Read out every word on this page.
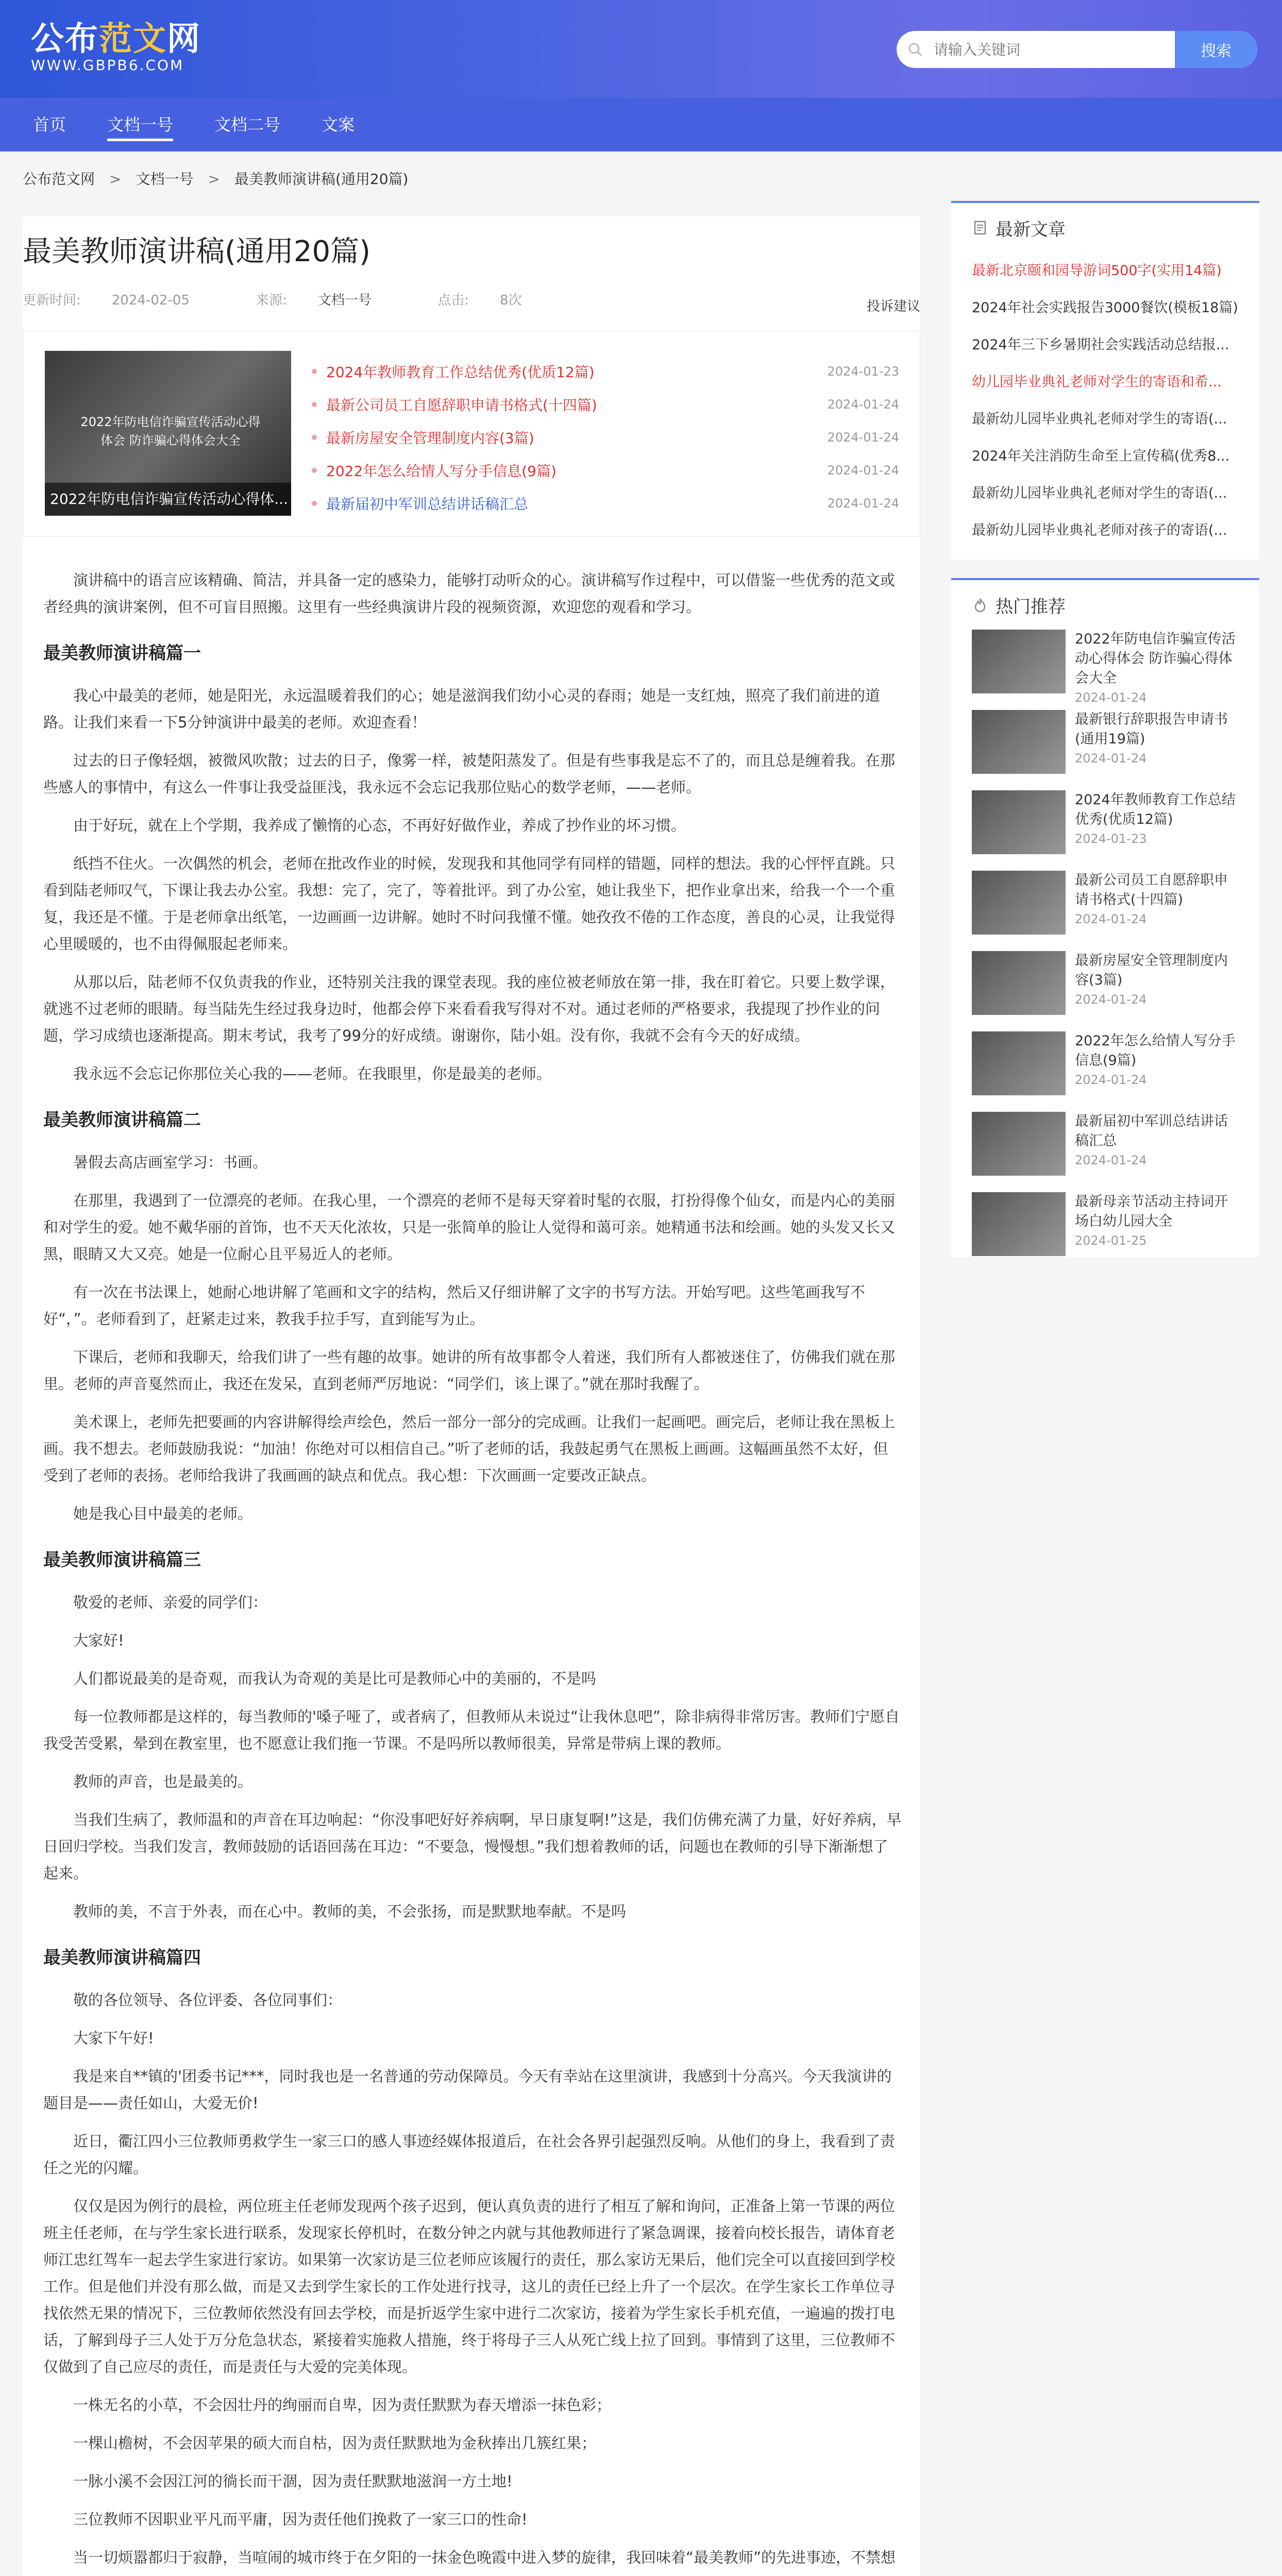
公布范文网
WWW.GBPB6.COM
请输入关键词
搜索
首页	文档一号	文档二号	文案
公布范文网 > 文档一号 > 最美教师演讲稿(通用20篇)
最美教师演讲稿(通用20篇)
更新时间: 2024-02-05	来源: 文档一号	点击: 8次	投诉建议
2022年防电信诈骗宣传活动心得体会 防诈骗心得体会大全
2022年防电信诈骗宣传活动心得体...
2024年教师教育工作总结优秀(优质12篇)	2024-01-23
最新公司员工自愿辞职申请书格式(十四篇)	2024-01-24
最新房屋安全管理制度内容(3篇)	2024-01-24
2022年怎么给情人写分手信息(9篇)	2024-01-24
最新届初中军训总结讲话稿汇总	2024-01-24

演讲稿中的语言应该精确、简洁，并具备一定的感染力，能够打动听众的心。演讲稿写作过程中，可以借鉴一些优秀的范文或者经典的演讲案例，但不可盲目照搬。这里有一些经典演讲片段的视频资源，欢迎您的观看和学习。

最美教师演讲稿篇一

我心中最美的老师，她是阳光，永远温暖着我们的心；她是滋润我们幼小心灵的春雨；她是一支红烛，照亮了我们前进的道路。让我们来看一下5分钟演讲中最美的老师。欢迎查看！

过去的日子像轻烟，被微风吹散；过去的日子，像雾一样，被楚阳蒸发了。但是有些事我是忘不了的，而且总是缠着我。在那些感人的事情中，有这么一件事让我受益匪浅，我永远不会忘记我那位贴心的数学老师，——老师。

由于好玩，就在上个学期，我养成了懒惰的心态，不再好好做作业，养成了抄作业的坏习惯。

纸挡不住火。一次偶然的机会，老师在批改作业的时候，发现我和其他同学有同样的错题，同样的想法。我的心怦怦直跳。只看到陆老师叹气，下课让我去办公室。我想：完了，完了，等着批评。到了办公室，她让我坐下，把作业拿出来，给我一个一个重复，我还是不懂。于是老师拿出纸笔，一边画画一边讲解。她时不时问我懂不懂。她孜孜不倦的工作态度，善良的心灵，让我觉得心里暖暖的，也不由得佩服起老师来。

从那以后，陆老师不仅负责我的作业，还特别关注我的课堂表现。我的座位被老师放在第一排，我在盯着它。只要上数学课，就逃不过老师的眼睛。每当陆先生经过我身边时，他都会停下来看看我写得对不对。通过老师的严格要求，我提现了抄作业的问题，学习成绩也逐渐提高。期末考试，我考了99分的好成绩。谢谢你，陆小姐。没有你，我就不会有今天的好成绩。

我永远不会忘记你那位关心我的——老师。在我眼里，你是最美的老师。

最美教师演讲稿篇二

暑假去高店画室学习：书画。

在那里，我遇到了一位漂亮的老师。在我心里，一个漂亮的老师不是每天穿着时髦的衣服，打扮得像个仙女，而是内心的美丽和对学生的爱。她不戴华丽的首饰，也不天天化浓妆，只是一张简单的脸让人觉得和蔼可亲。她精通书法和绘画。她的头发又长又黑，眼睛又大又亮。她是一位耐心且平易近人的老师。

有一次在书法课上，她耐心地讲解了笔画和文字的结构，然后又仔细讲解了文字的书写方法。开始写吧。这些笔画我写不好“，”。老师看到了，赶紧走过来，教我手拉手写，直到能写为止。

下课后，老师和我聊天，给我们讲了一些有趣的故事。她讲的所有故事都令人着迷，我们所有人都被迷住了，仿佛我们就在那里。老师的声音戛然而止，我还在发呆，直到老师严厉地说：“同学们，该上课了。”就在那时我醒了。

美术课上，老师先把要画的内容讲解得绘声绘色，然后一部分一部分的完成画。让我们一起画吧。画完后，老师让我在黑板上画。我不想去。老师鼓励我说：“加油！你绝对可以相信自己。”听了老师的话，我鼓起勇气在黑板上画画。这幅画虽然不太好，但受到了老师的表扬。老师给我讲了我画画的缺点和优点。我心想：下次画画一定要改正缺点。

她是我心目中最美的老师。

最美教师演讲稿篇三

敬爱的老师、亲爱的同学们：

大家好!

人们都说最美的是奇观，而我认为奇观的美是比可是教师心中的美丽的，不是吗

每一位教师都是这样的，每当教师的'嗓子哑了，或者病了，但教师从未说过“让我休息吧”，除非病得非常厉害。教师们宁愿自我受苦受累，晕到在教室里，也不愿意让我们拖一节课。不是吗所以教师很美，异常是带病上课的教师。

教师的声音，也是最美的。

当我们生病了，教师温和的声音在耳边响起：“你没事吧好好养病啊，早日康复啊!”这是，我们仿佛充满了力量，好好养病，早日回归学校。当我们发言，教师鼓励的话语回荡在耳边：“不要急，慢慢想。”我们想着教师的话，问题也在教师的引导下渐渐想了起来。

教师的美，不言于外表，而在心中。教师的美，不会张扬，而是默默地奉献。不是吗

最美教师演讲稿篇四

敬的各位领导、各位评委、各位同事们：

大家下午好!

我是来自**镇的'团委书记***，同时我也是一名普通的劳动保障员。今天有幸站在这里演讲，我感到十分高兴。今天我演讲的题目是——责任如山，大爱无价!

近日，衢江四小三位教师勇救学生一家三口的感人事迹经媒体报道后，在社会各界引起强烈反响。从他们的身上，我看到了责任之光的闪耀。

仅仅是因为例行的晨检，两位班主任老师发现两个孩子迟到，便认真负责的进行了相互了解和询问，正准备上第一节课的两位班主任老师，在与学生家长进行联系，发现家长停机时，在数分钟之内就与其他教师进行了紧急调课，接着向校长报告，请体育老师江忠红驾车一起去学生家进行家访。如果第一次家访是三位老师应该履行的责任，那么家访无果后，他们完全可以直接回到学校工作。但是他们并没有那么做，而是又去到学生家长的工作处进行找寻，这儿的责任已经上升了一个层次。在学生家长工作单位寻找依然无果的情况下，三位教师依然没有回去学校，而是折返学生家中进行二次家访，接着为学生家长手机充值，一遍遍的拨打电话，了解到母子三人处于万分危急状态，紧接着实施救人措施，终于将母子三人从死亡线上拉了回到。事情到了这里，三位教师不仅做到了自己应尽的责任，而是责任与大爱的完美体现。

一株无名的小草，不会因壮丹的绚丽而自卑，因为责任默默为春天增添一抹色彩；

一棵山檐树，不会因苹果的硕大而自枯，因为责任默默地为金秋捧出几簇红果；

一脉小溪不会因江河的徜长而干涸，因为责任默默地滋润一方土地!

三位教师不因职业平凡而平庸，因为责任他们挽救了一家三口的性命!

当一切烦嚣都归于寂静，当喧闹的城市终于在夕阳的一抹金色晚霞中进入梦的旋律，我回味着“最美教师”的先进事迹，不禁想

最新文章
最新北京颐和园导游词500字(实用14篇)
2024年社会实践报告3000餐饮(模板18篇)
2024年三下乡暑期社会实践活动总结报...
幼儿园毕业典礼老师对学生的寄语和希...
最新幼儿园毕业典礼老师对学生的寄语(...
2024年关注消防生命至上宣传稿(优秀8...
最新幼儿园毕业典礼老师对学生的寄语(...
最新幼儿园毕业典礼老师对孩子的寄语(...
热门推荐
2022年防电信诈骗宣传活动心得体会 防诈骗心得体会大全
2024-01-24
最新银行辞职报告申请书(通用19篇)
2024-01-24
2024年教师教育工作总结优秀(优质12篇)
2024-01-23
最新公司员工自愿辞职申请书格式(十四篇)
2024-01-24
最新房屋安全管理制度内容(3篇)
2024-01-24
2022年怎么给情人写分手信息(9篇)
2024-01-24
最新届初中军训总结讲话稿汇总
2024-01-24
最新母亲节活动主持词开场白幼儿园大全
2024-01-25
